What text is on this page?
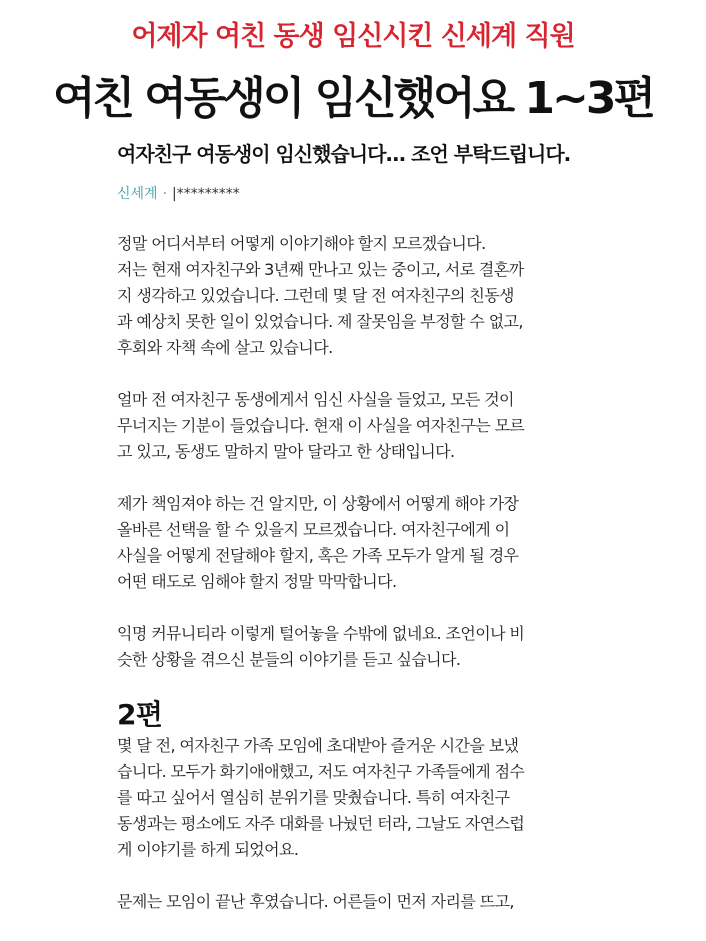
어제자 여친 동생 임신시킨 신세계 직원
여친 여동생이 임신했어요 1~3편
여자친구 여동생이 임신했습니다... 조언 부탁드립니다.
신세계 · |*********
정말 어디서부터 어떻게 이야기해야 할지 모르겠습니다.
저는 현재 여자친구와 3년째 만나고 있는 중이고, 서로 결혼까
지 생각하고 있었습니다. 그런데 몇 달 전 여자친구의 친동생
과 예상치 못한 일이 있었습니다. 제 잘못임을 부정할 수 없고,
후회와 자책 속에 살고 있습니다.
얼마 전 여자친구 동생에게서 임신 사실을 들었고, 모든 것이
무너지는 기분이 들었습니다. 현재 이 사실을 여자친구는 모르
고 있고, 동생도 말하지 말아 달라고 한 상태입니다.
제가 책임져야 하는 건 알지만, 이 상황에서 어떻게 해야 가장
올바른 선택을 할 수 있을지 모르겠습니다. 여자친구에게 이
사실을 어떻게 전달해야 할지, 혹은 가족 모두가 알게 될 경우
어떤 태도로 임해야 할지 정말 막막합니다.
익명 커뮤니티라 이렇게 털어놓을 수밖에 없네요. 조언이나 비
슷한 상황을 겪으신 분들의 이야기를 듣고 싶습니다.
2편
몇 달 전, 여자친구 가족 모임에 초대받아 즐거운 시간을 보냈
습니다. 모두가 화기애애했고, 저도 여자친구 가족들에게 점수
를 따고 싶어서 열심히 분위기를 맞췄습니다. 특히 여자친구
동생과는 평소에도 자주 대화를 나눴던 터라, 그날도 자연스럽
게 이야기를 하게 되었어요.
문제는 모임이 끝난 후였습니다. 어른들이 먼저 자리를 뜨고,
